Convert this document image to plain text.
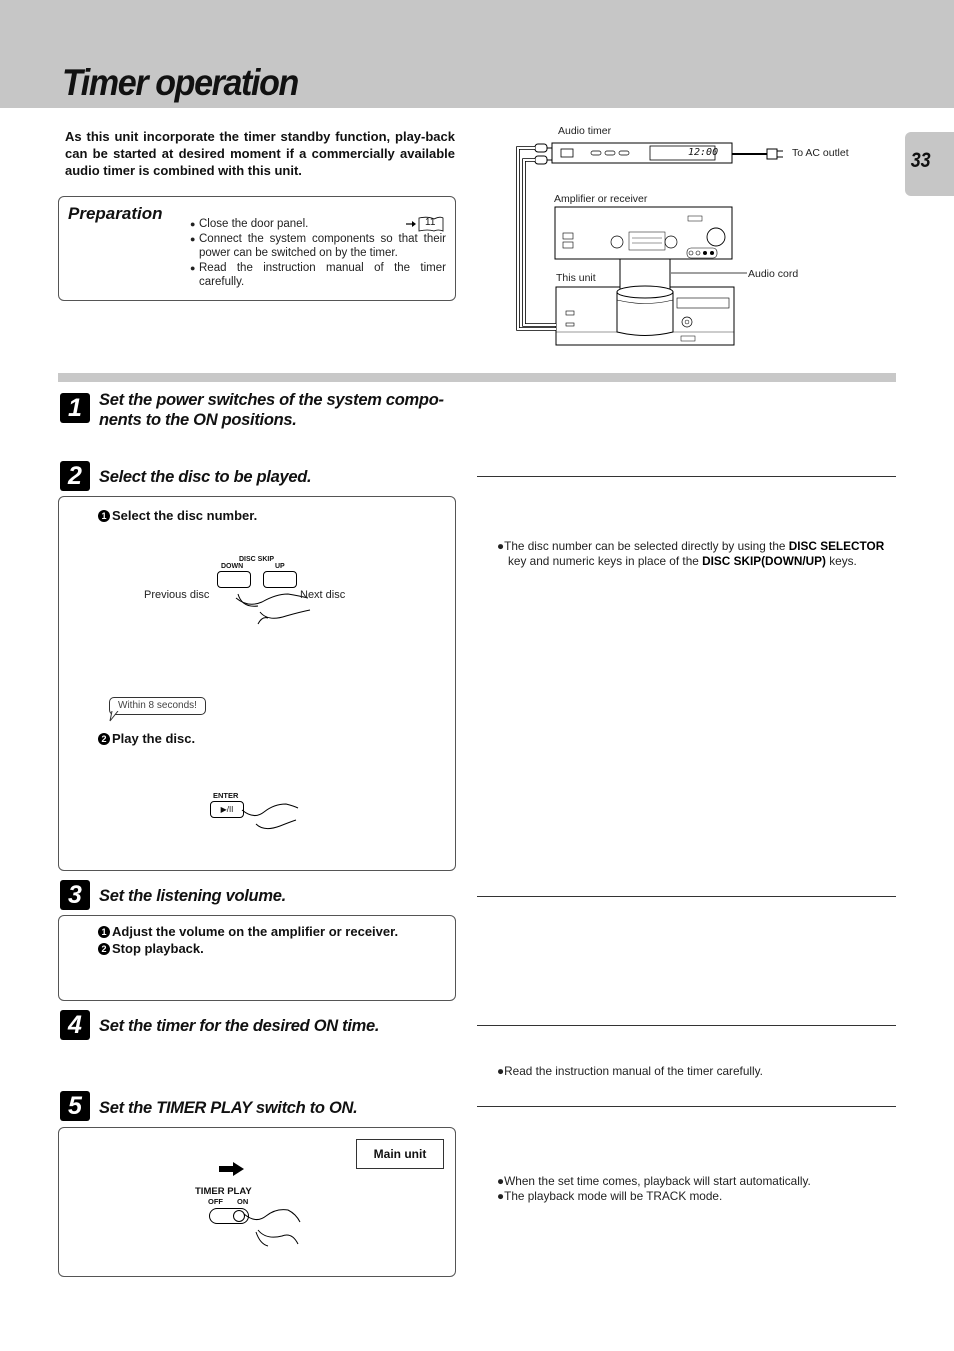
Timer operation
33
As this unit incorporate the timer standby function, play-back can be started at desired moment if a commercially available audio timer is combined with this unit.
Preparation
● Close the door panel.
● Connect the system components so that their power can be switched on by the timer.
● Read the instruction manual of the timer carefully.
11
Audio timer
To AC outlet
Amplifier or receiver
This unit	Audio cord
12:00
1	Set the power switches of the system compo-nents to the ON positions.
2	Select the disc to be played.
1 Select the disc number.
DISC SKIP
DOWN	UP
Previous disc	Next disc
Within 8 seconds!
2 Play the disc.
ENTER
▶/II
●The disc number can be selected directly by using the DISC SELECTOR
key and numeric keys in place of the DISC SKIP(DOWN/UP) keys.
3	Set the listening volume.
1 Adjust the volume on the amplifier or receiver.
2 Stop playback.
4	Set the timer for the desired ON time.
●Read the instruction manual of the timer carefully.
5	Set the TIMER PLAY switch to ON.
Main unit
TIMER PLAY
OFF ON
●When the set time comes, playback will start automatically.
●The playback mode will be TRACK mode.
